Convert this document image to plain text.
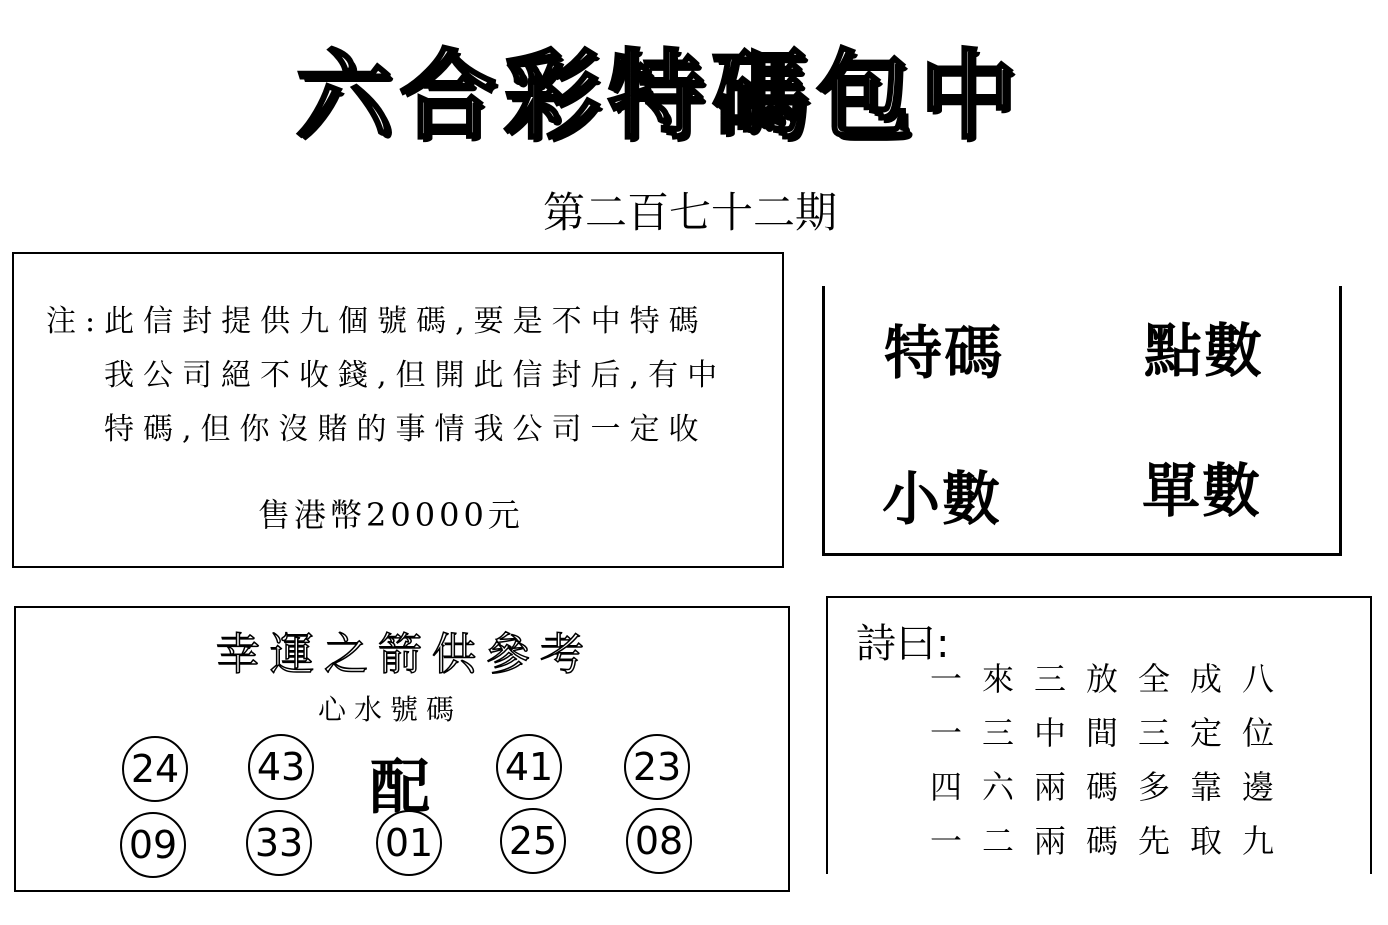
六合彩特碼包中
第二百七十二期
注:此信封提供九個號碼,要是不中特碼
我公司絕不收錢,但開此信封后,有中
特碼,但你沒賭的事情我公司一定收
售港幣20000元
特碼 點數
小數 單數
幸運之箭供參考
心水號碼
24 43 配 41 23
09 33 01 25 08
詩曰:
一來三放全成八
一三中間三定位
四六兩碼多靠邊
一二兩碼先取九
